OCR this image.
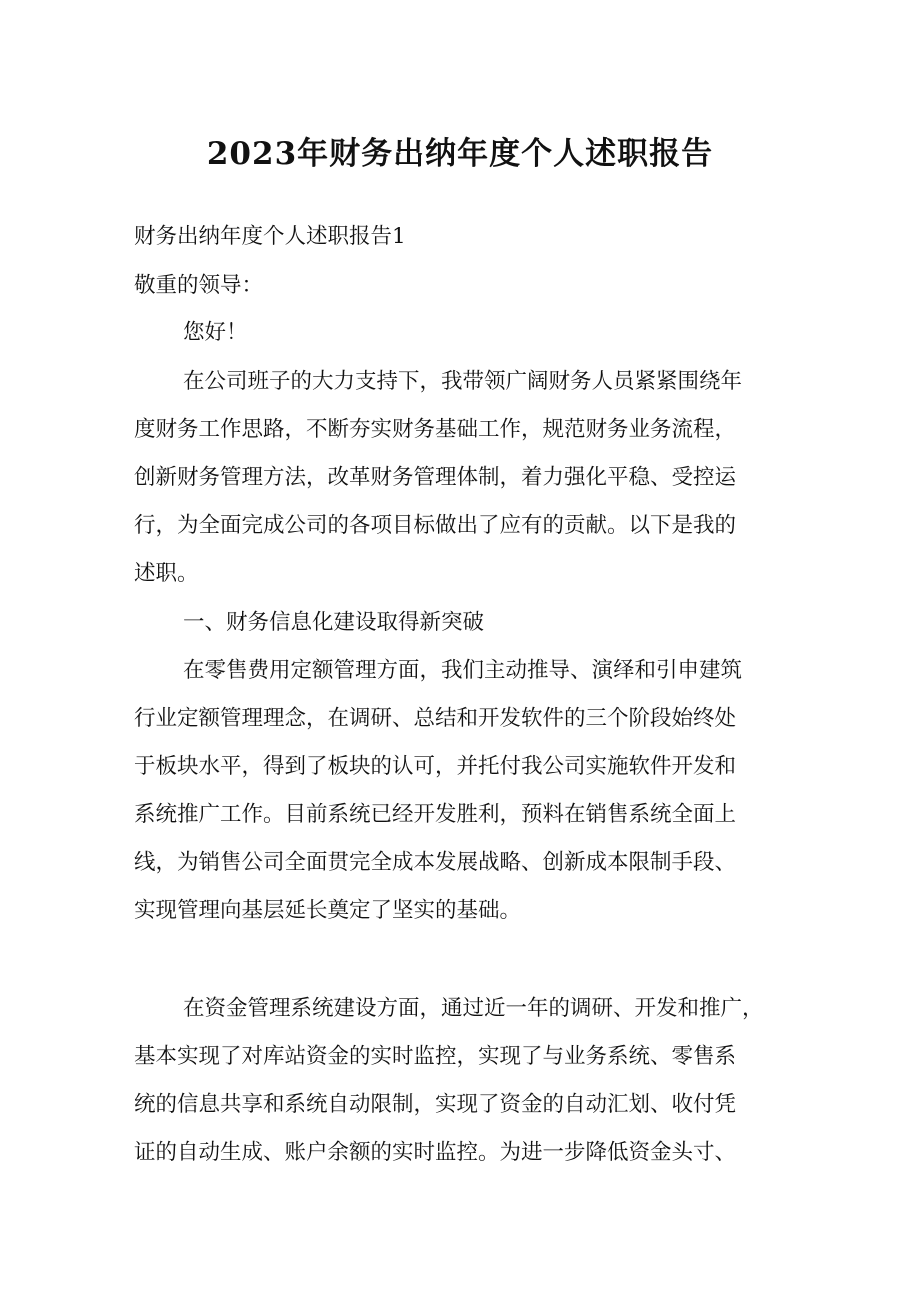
2023年财务出纳年度个人述职报告
财务出纳年度个人述职报告1
敬重的领导：
您好！
在公司班子的大力支持下，我带领广阔财务人员紧紧围绕年
度财务工作思路，不断夯实财务基础工作，规范财务业务流程，
创新财务管理方法，改革财务管理体制，着力强化平稳、受控运
行，为全面完成公司的各项目标做出了应有的贡献。以下是我的
述职。
一、财务信息化建设取得新突破
在零售费用定额管理方面，我们主动推导、演绎和引申建筑
行业定额管理理念，在调研、总结和开发软件的三个阶段始终处
于板块水平，得到了板块的认可，并托付我公司实施软件开发和
系统推广工作。目前系统已经开发胜利，预料在销售系统全面上
线，为销售公司全面贯完全成本发展战略、创新成本限制手段、
实现管理向基层延长奠定了坚实的基础。
在资金管理系统建设方面，通过近一年的调研、开发和推广，
基本实现了对库站资金的实时监控，实现了与业务系统、零售系
统的信息共享和系统自动限制，实现了资金的自动汇划、收付凭
证的自动生成、账户余额的实时监控。为进一步降低资金头寸、
